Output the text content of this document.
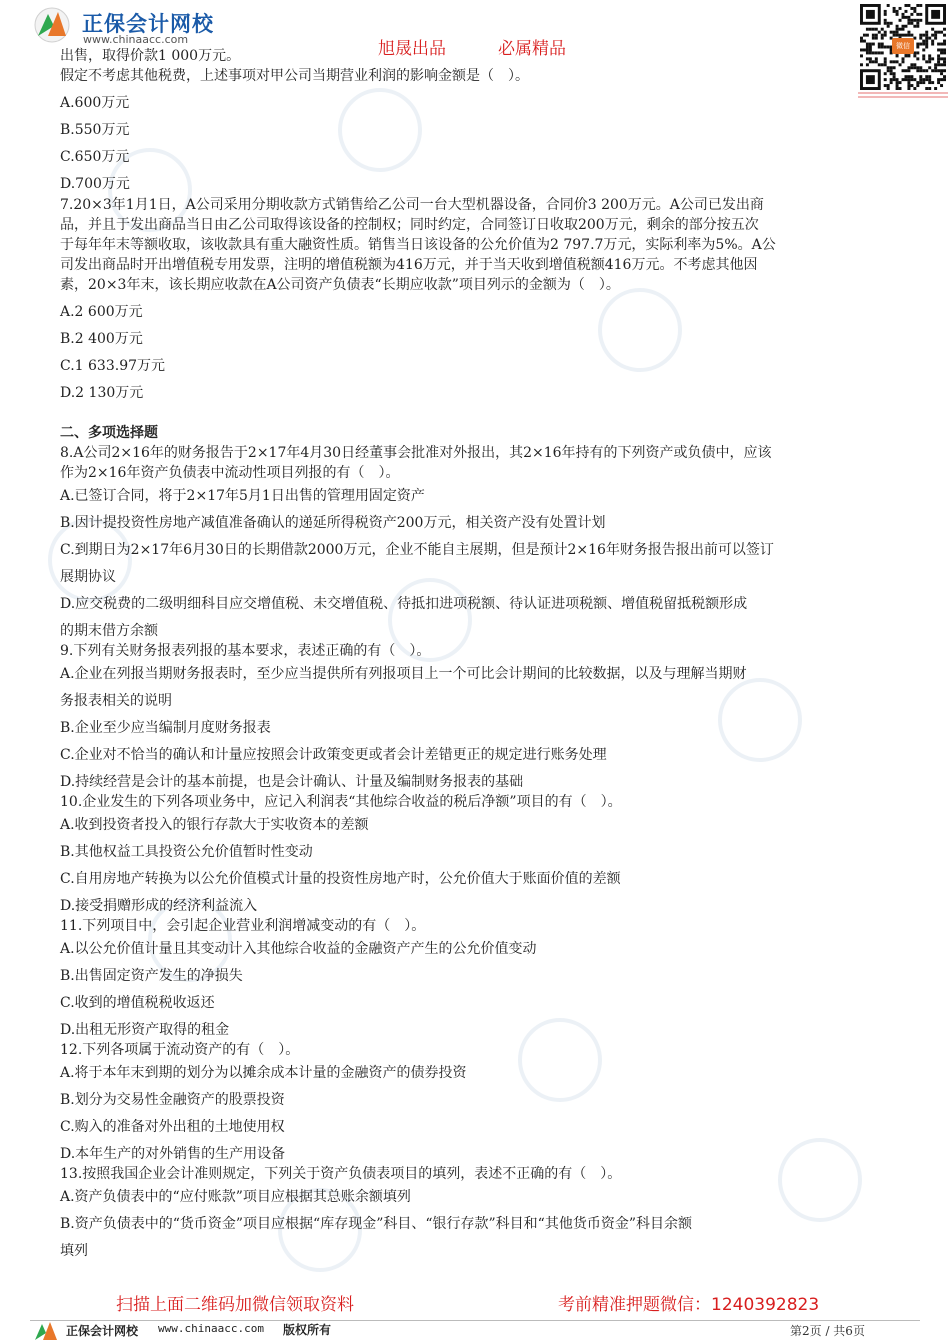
正保会计网校
www.chinaacc.com	旭晟出品	必属精品	微信

出售，取得价款1 000万元。

假定不考虑其他税费，上述事项对甲公司当期营业利润的影响金额是（　）。

A.600万元

B.550万元

C.650万元

D.700万元

7.20×3年1月1日，A公司采用分期收款方式销售给乙公司一台大型机器设备，合同价3 200万元。A公司已发出商

品，并且于发出商品当日由乙公司取得该设备的控制权；同时约定，合同签订日收取200万元，剩余的部分按五次

于每年年末等额收取，该收款具有重大融资性质。销售当日该设备的公允价值为2 797.7万元，实际利率为5%。A公

司发出商品时开出增值税专用发票，注明的增值税额为416万元，并于当天收到增值税额416万元。不考虑其他因

素，20×3年末，该长期应收款在A公司资产负债表“长期应收款”项目列示的金额为（　）。

A.2 600万元

B.2 400万元

C.1 633.97万元

D.2 130万元

二、多项选择题

8.A公司2×16年的财务报告于2×17年4月30日经董事会批准对外报出，其2×16年持有的下列资产或负债中，应该

作为2×16年资产负债表中流动性项目列报的有（　）。

A.已签订合同，将于2×17年5月1日出售的管理用固定资产

B.因计提投资性房地产减值准备确认的递延所得税资产200万元，相关资产没有处置计划

C.到期日为2×17年6月30日的长期借款2000万元，企业不能自主展期，但是预计2×16年财务报告报出前可以签订

展期协议

D.应交税费的二级明细科目应交增值税、未交增值税、待抵扣进项税额、待认证进项税额、增值税留抵税额形成

的期末借方余额

9.下列有关财务报表列报的基本要求，表述正确的有（　）。

A.企业在列报当期财务报表时，至少应当提供所有列报项目上一个可比会计期间的比较数据，以及与理解当期财

务报表相关的说明

B.企业至少应当编制月度财务报表

C.企业对不恰当的确认和计量应按照会计政策变更或者会计差错更正的规定进行账务处理

D.持续经营是会计的基本前提，也是会计确认、计量及编制财务报表的基础

10.企业发生的下列各项业务中，应记入利润表“其他综合收益的税后净额”项目的有（　）。

A.收到投资者投入的银行存款大于实收资本的差额

B.其他权益工具投资公允价值暂时性变动

C.自用房地产转换为以公允价值模式计量的投资性房地产时，公允价值大于账面价值的差额

D.接受捐赠形成的经济利益流入

11.下列项目中，会引起企业营业利润增减变动的有（　）。

A.以公允价值计量且其变动计入其他综合收益的金融资产产生的公允价值变动

B.出售固定资产发生的净损失

C.收到的增值税税收返还

D.出租无形资产取得的租金

12.下列各项属于流动资产的有（　）。

A.将于本年末到期的划分为以摊余成本计量的金融资产的债券投资

B.划分为交易性金融资产的股票投资

C.购入的准备对外出租的土地使用权

D.本年生产的对外销售的生产用设备

13.按照我国企业会计准则规定，下列关于资产负债表项目的填列，表述不正确的有（　）。

A.资产负债表中的“应付账款”项目应根据其总账余额填列

B.资产负债表中的“货币资金”项目应根据“库存现金”科目、“银行存款”科目和“其他货币资金”科目余额

填列

扫描上面二维码加微信领取资料	考前精准押题微信：1240392823
正保会计网校 www.chinaacc.com 版权所有	第2页 / 共6页
